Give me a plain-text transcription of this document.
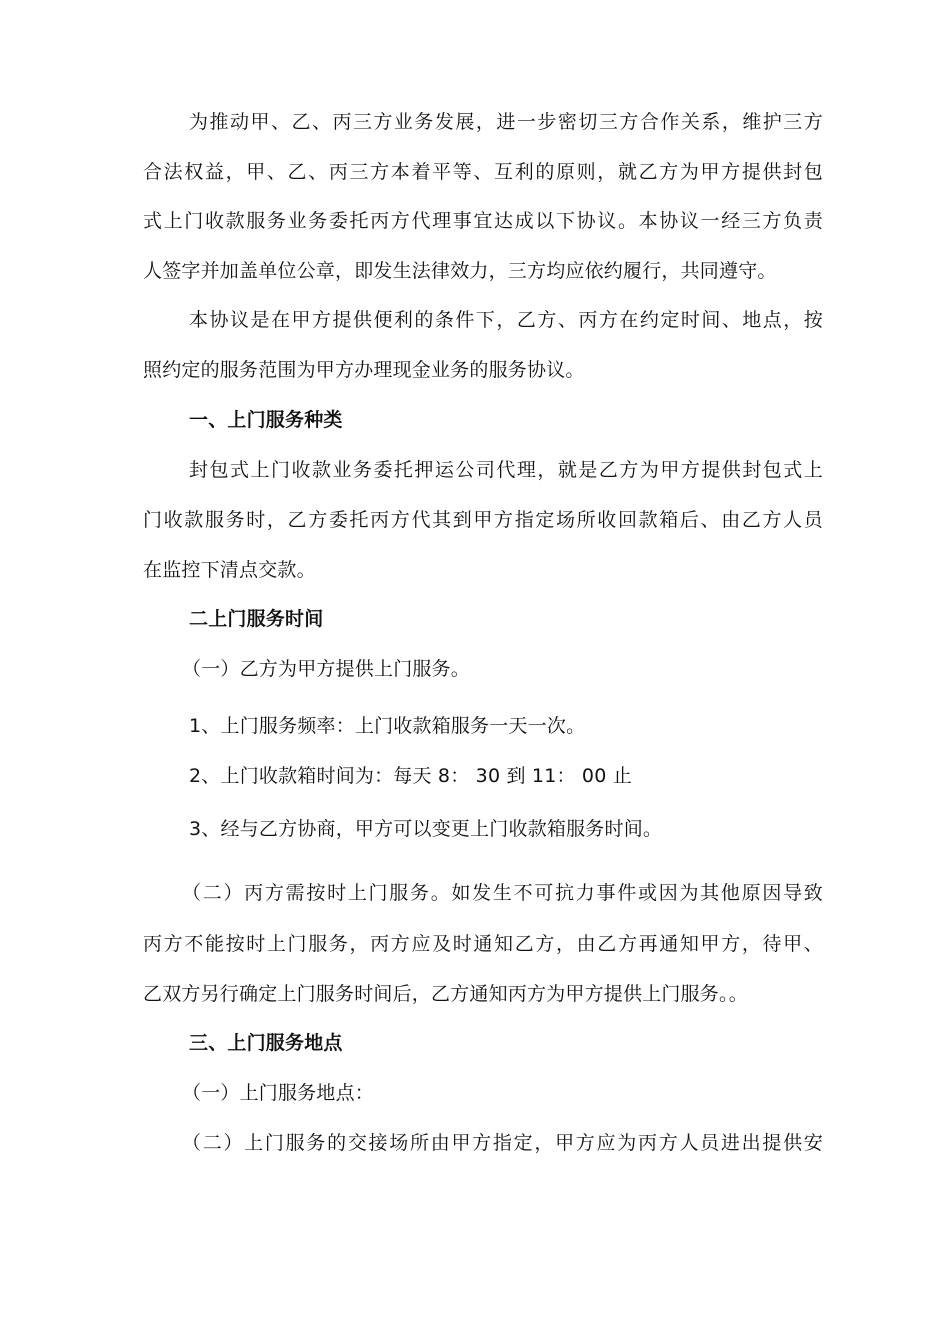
为推动甲、乙、丙三方业务发展，进一步密切三方合作关系，维护三方
合法权益，甲、乙、丙三方本着平等、互利的原则，就乙方为甲方提供封包
式上门收款服务业务委托丙方代理事宜达成以下协议。本协议一经三方负责
人签字并加盖单位公章，即发生法律效力，三方均应依约履行，共同遵守。
本协议是在甲方提供便利的条件下，乙方、丙方在约定时间、地点，按
照约定的服务范围为甲方办理现金业务的服务协议。
一、上门服务种类
封包式上门收款业务委托押运公司代理，就是乙方为甲方提供封包式上
门收款服务时，乙方委托丙方代其到甲方指定场所收回款箱后、由乙方人员
在监控下清点交款。
二上门服务时间
（一）乙方为甲方提供上门服务。
1、上门服务频率：上门收款箱服务一天一次。
2、上门收款箱时间为：每天 8： 30 到 11： 00 止
3、经与乙方协商，甲方可以变更上门收款箱服务时间。
（二）丙方需按时上门服务。如发生不可抗力事件或因为其他原因导致
丙方不能按时上门服务，丙方应及时通知乙方，由乙方再通知甲方，待甲、
乙双方另行确定上门服务时间后，乙方通知丙方为甲方提供上门服务。。
三、上门服务地点
（一）上门服务地点：
（二）上门服务的交接场所由甲方指定，甲方应为丙方人员进出提供安
